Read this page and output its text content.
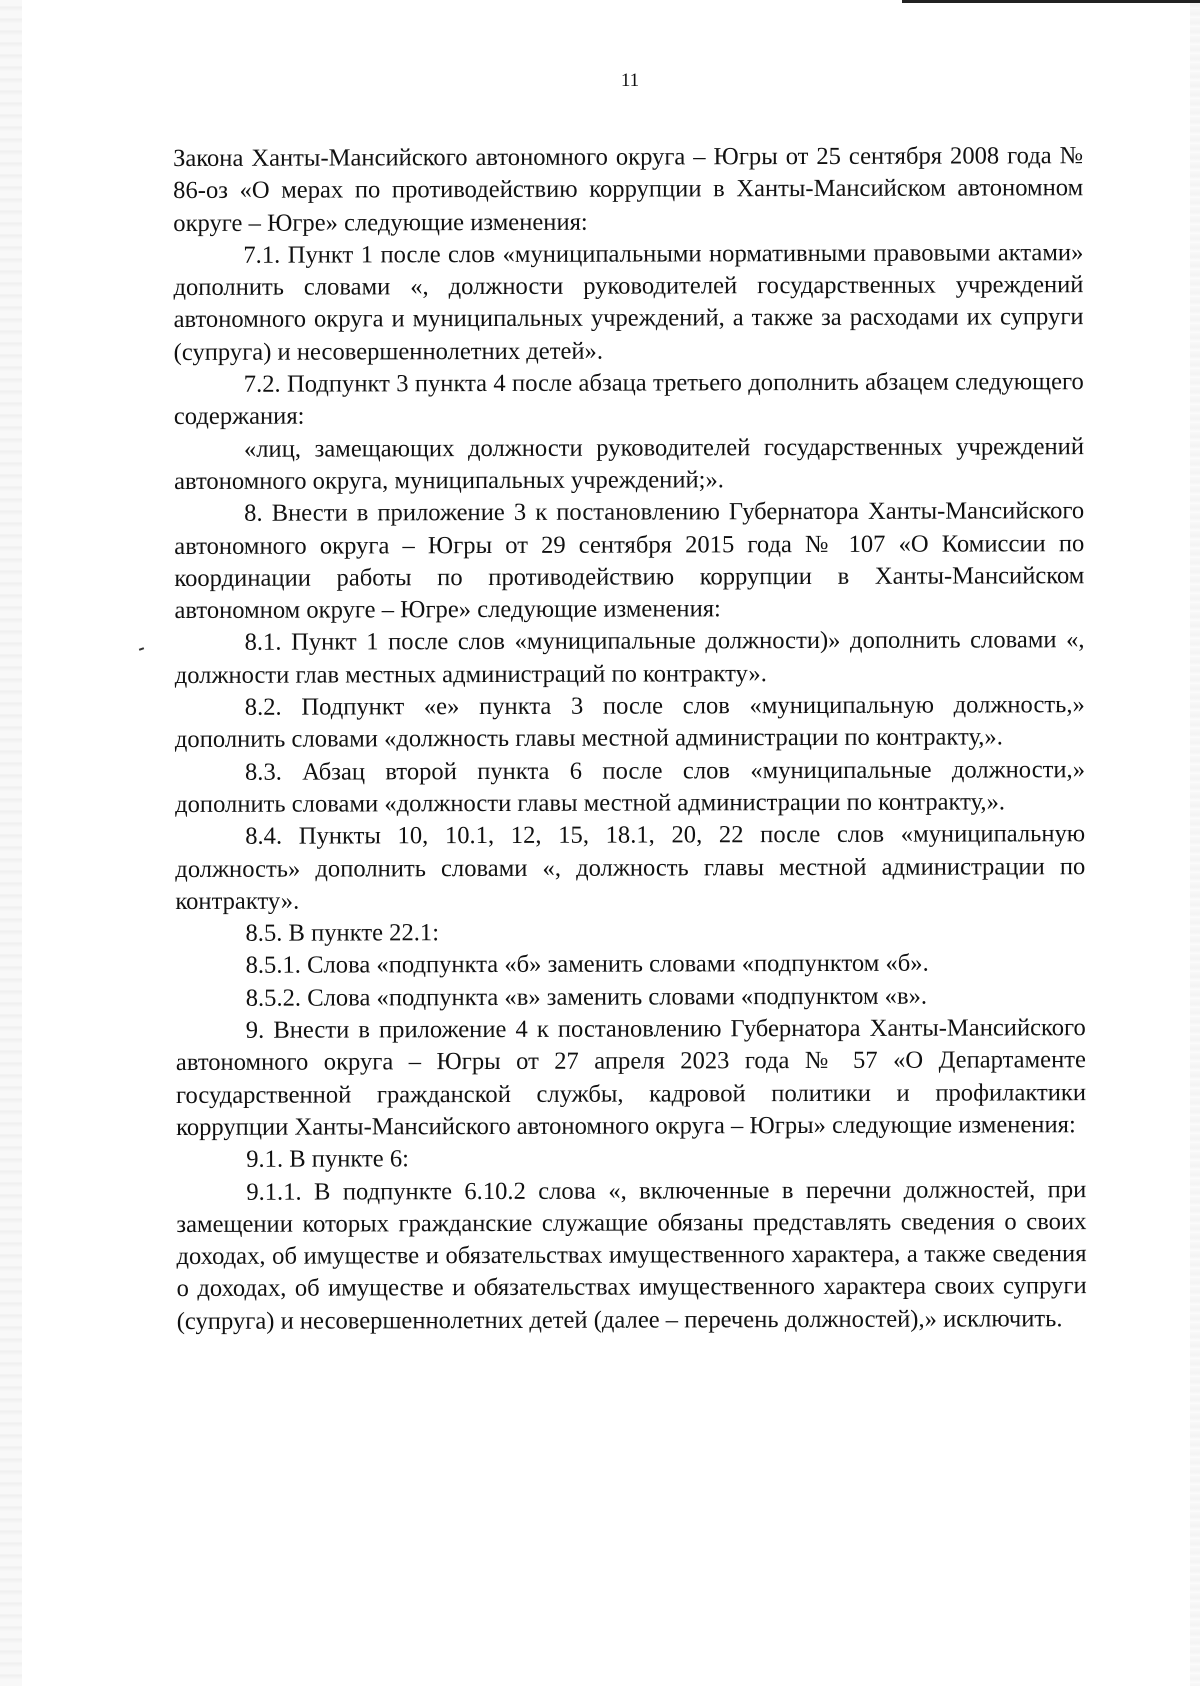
11

Закона Ханты-Мансийского автономного округа – Югры от 25 сентября 2008 года № 86-оз «О мерах по противодействию коррупции в Ханты-Мансийском автономном округе – Югре» следующие изменения:

7.1. Пункт 1 после слов «муниципальными нормативными правовыми актами» дополнить словами «, должности руководителей государственных учреждений автономного округа и муниципальных учреждений, а также за расходами их супруги (супруга) и несовершеннолетних детей».

7.2. Подпункт 3 пункта 4 после абзаца третьего дополнить абзацем следующего содержания:

«лиц, замещающих должности руководителей государственных учреждений автономного округа, муниципальных учреждений;».

8. Внести в приложение 3 к постановлению Губернатора Ханты-Мансийского автономного округа – Югры от 29 сентября 2015 года № 107 «О Комиссии по координации работы по противодействию коррупции в Ханты-Мансийском автономном округе – Югре» следующие изменения:

8.1. Пункт 1 после слов «муниципальные должности)» дополнить словами «, должности глав местных администраций по контракту».

8.2. Подпункт «е» пункта 3 после слов «муниципальную должность,» дополнить словами «должность главы местной администрации по контракту,».

8.3. Абзац второй пункта 6 после слов «муниципальные должности,» дополнить словами «должности главы местной администрации по контракту,».

8.4. Пункты 10, 10.1, 12, 15, 18.1, 20, 22 после слов «муниципальную должность» дополнить словами «, должность главы местной администрации по контракту».

8.5. В пункте 22.1:

8.5.1. Слова «подпункта «б» заменить словами «подпунктом «б».

8.5.2. Слова «подпункта «в» заменить словами «подпунктом «в».

9. Внести в приложение 4 к постановлению Губернатора Ханты-Мансийского автономного округа – Югры от 27 апреля 2023 года № 57 «О Департаменте государственной гражданской службы, кадровой политики и профилактики коррупции Ханты-Мансийского автономного округа – Югры» следующие изменения:

9.1. В пункте 6:

9.1.1. В подпункте 6.10.2 слова «, включенные в перечни должностей, при замещении которых гражданские служащие обязаны представлять сведения о своих доходах, об имуществе и обязательствах имущественного характера, а также сведения о доходах, об имуществе и обязательствах имущественного характера своих супруги (супруга) и несовершеннолетних детей (далее – перечень должностей),» исключить.
